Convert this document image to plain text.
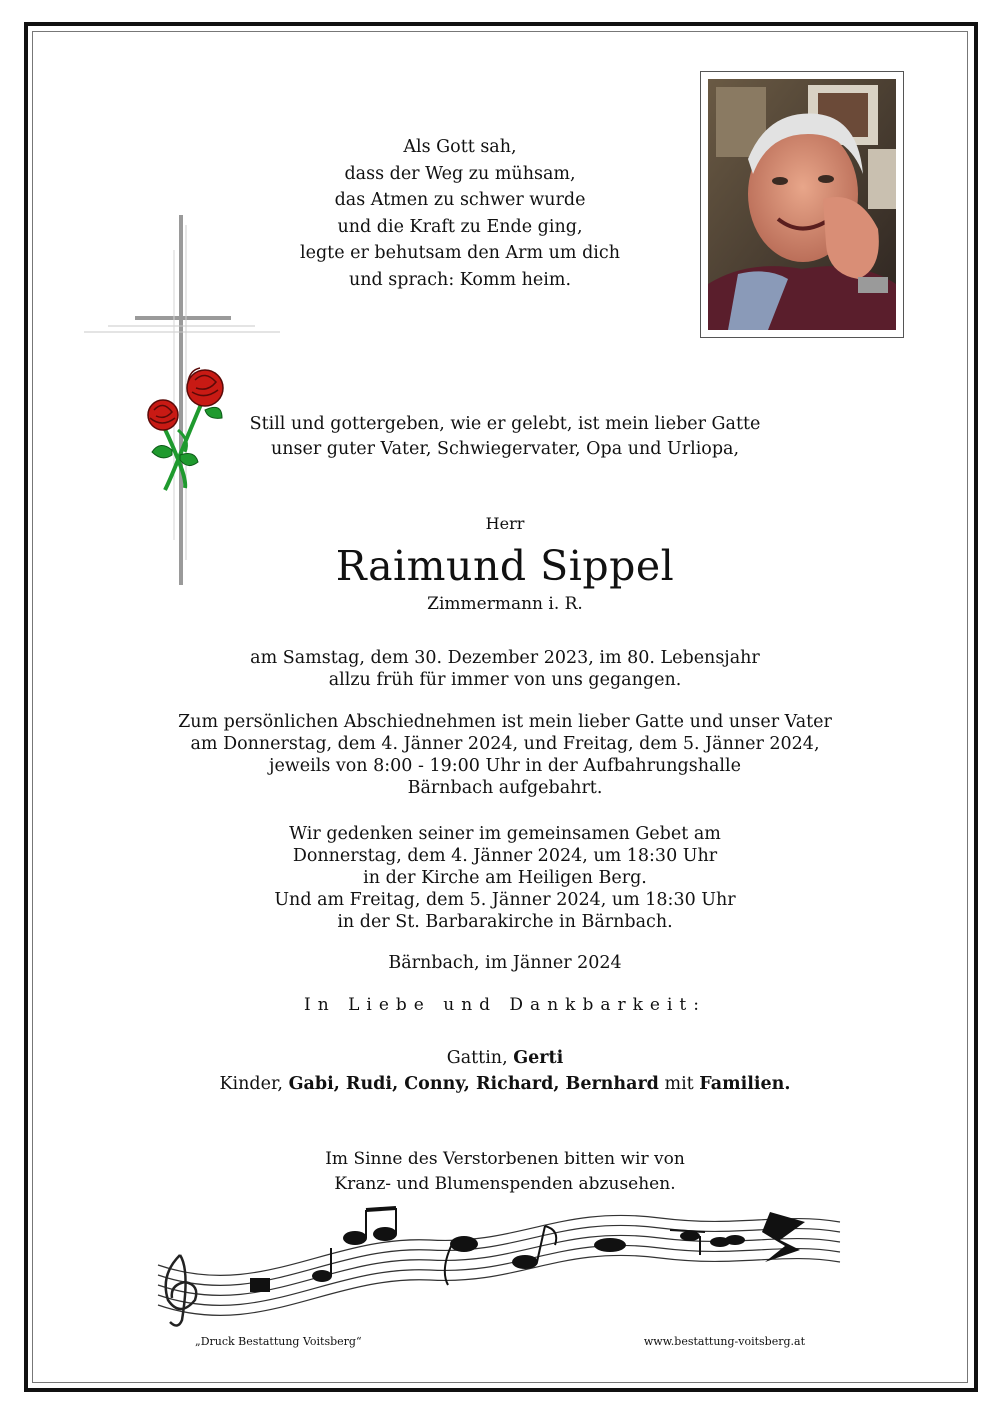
Als Gott sah,
dass der Weg zu mühsam,
das Atmen zu schwer wurde
und die Kraft zu Ende ging,
legte er behutsam den Arm um dich
und sprach: Komm heim.
Still und gottergeben, wie er gelebt, ist mein lieber Gatte
unser guter Vater, Schwiegervater, Opa und Urliopa,
Herr
Raimund Sippel
Zimmermann i. R.
am Samstag, dem 30. Dezember 2023, im 80. Lebensjahr
allzu früh für immer von uns gegangen.
Zum persönlichen Abschiednehmen ist mein lieber Gatte und unser Vater
am Donnerstag, dem 4. Jänner 2024, und Freitag, dem 5. Jänner 2024,
jeweils von 8:00 - 19:00 Uhr in der Aufbahrungshalle
Bärnbach aufgebahrt.
Wir gedenken seiner im gemeinsamen Gebet am
Donnerstag, dem 4. Jänner 2024, um 18:30 Uhr
in der Kirche am Heiligen Berg.
Und am Freitag, dem 5. Jänner 2024, um 18:30 Uhr
in der St. Barbarakirche in Bärnbach.
Bärnbach, im Jänner 2024
In Liebe und Dankbarkeit:
Gattin, Gerti
Kinder, Gabi, Rudi, Conny, Richard, Bernhard mit Familien.
Im Sinne des Verstorbenen bitten wir von
Kranz- und Blumenspenden abzusehen.
„Druck Bestattung Voitsberg“	www.bestattung-voitsberg.at
